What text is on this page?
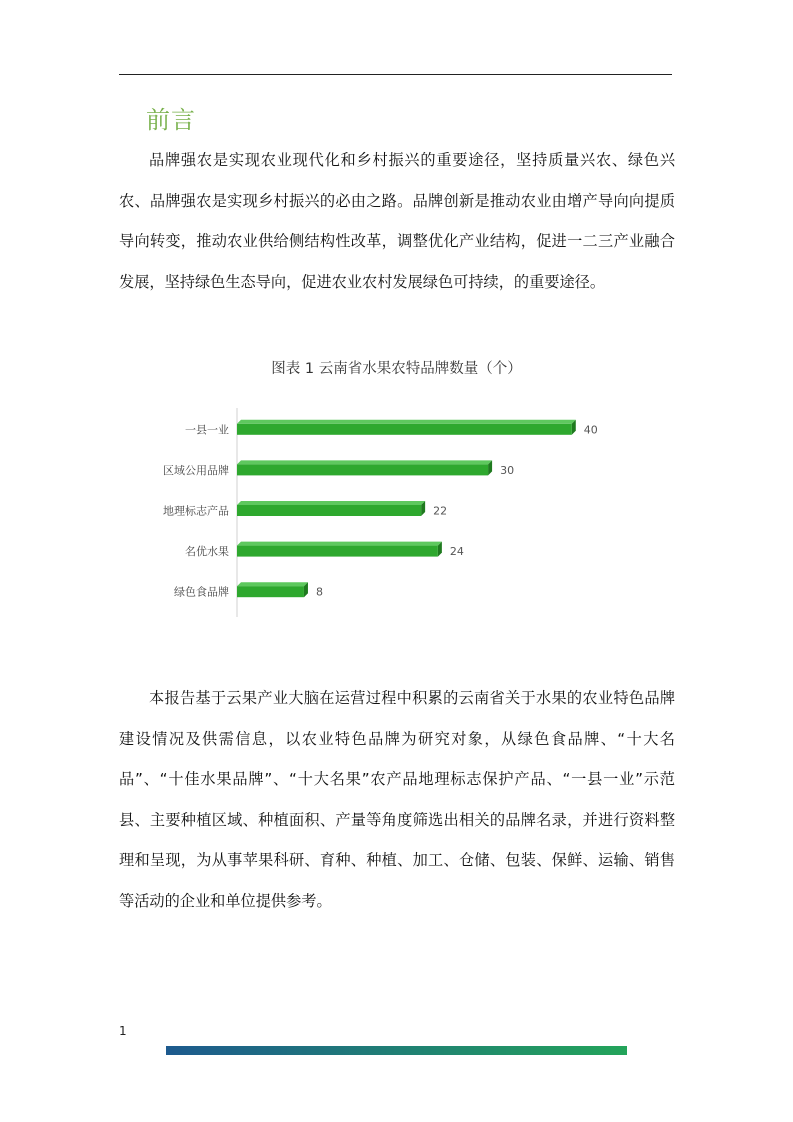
前言

品牌强农是实现农业现代化和乡村振兴的重要途径，坚持质量兴农、绿色兴农、品牌强农是实现乡村振兴的必由之路。品牌创新是推动农业由增产导向向提质导向转变，推动农业供给侧结构性改革，调整优化产业结构，促进一二三产业融合发展，坚持绿色生态导向，促进农业农村发展绿色可持续，的重要途径。

图表 1 云南省水果农特品牌数量（个）

一县一业	40
区域公用品牌	30
地理标志产品	22
名优水果	24
绿色食品牌	8

本报告基于云果产业大脑在运营过程中积累的云南省关于水果的农业特色品牌建设情况及供需信息，以农业特色品牌为研究对象，从绿色食品牌、“十大名品”、“十佳水果品牌”、“十大名果”农产品地理标志保护产品、“一县一业”示范县、主要种植区域、种植面积、产量等角度筛选出相关的品牌名录，并进行资料整理和呈现，为从事苹果科研、育种、种植、加工、仓储、包装、保鲜、运输、销售等活动的企业和单位提供参考。

1
